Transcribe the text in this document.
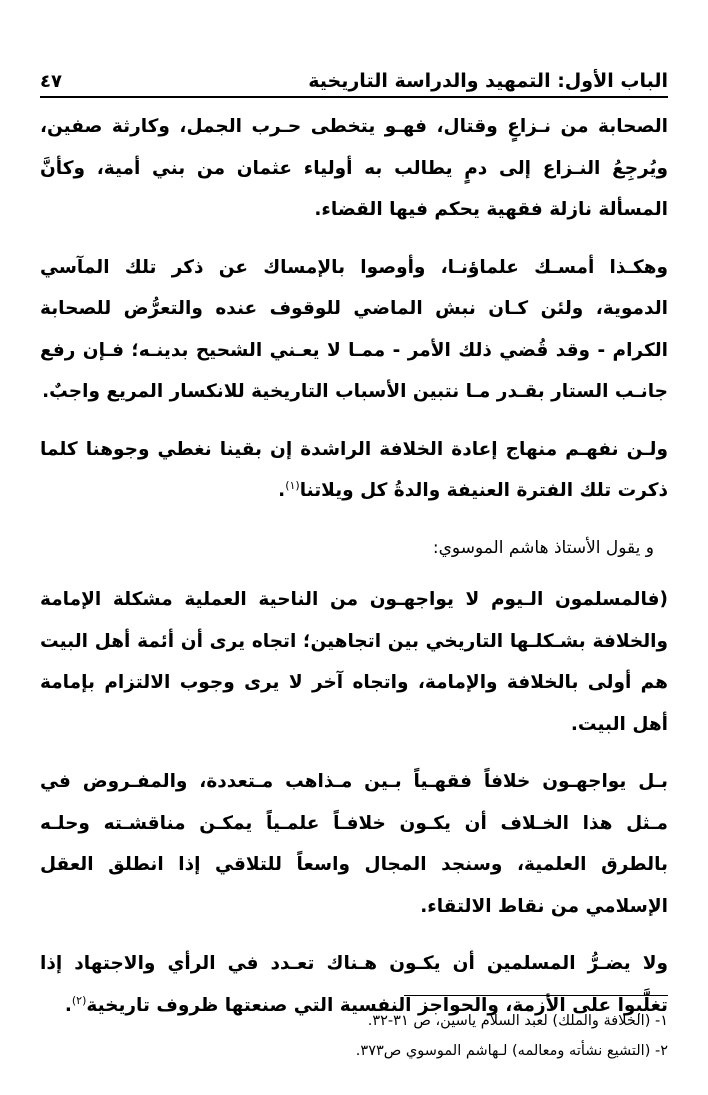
الباب الأول: التمهيد والدراسة التاريخية
٤٧

الصحابة من نـزاعٍ وقتال، فهـو يتخطى حـرب الجمل، وكارثة صفين، ويُرجِعُ النـزاع إلى دمٍ يطالب به أولياء عثمان من بني أمية، وكأنَّ المسألة نازلة فقهية يحكم فيها القضاء.

وهكـذا أمسـك علماؤنـا، وأوصوا بالإمساك عن ذكر تلك المآسي الدموية، ولئن كـان نبش الماضي للوقوف عنده والتعرُّض للصحابة الكرام - وقد قُضي ذلك الأمر - ممـا لا يعـني الشحيح بدينـه؛ فـإن رفع جانـب الستار بقـدر مـا نتبين الأسباب التاريخية للانكسار المريع واجبٌ.

ولـن نفهـم منهاج إعادة الخلافة الراشدة إن بقينا نغطي وجوهنا كلما ذكرت تلك الفترة العنيفة والدةُ كل ويلاتنا$^{(١)}$.

و يقول الأستاذ هاشم الموسوي:

(فالمسلمون الـيوم لا يواجهـون من الناحية العملية مشكلة الإمامة والخلافة بشـكلـها التاريخي بين اتجاهين؛ اتجاه يرى أن أئمة أهل البيت هم أولى بالخلافة والإمامة، واتجاه آخر لا يرى وجوب الالتزام بإمامة أهل البيت.

بـل يواجهـون خلافاً فقهـياً بـين مـذاهب مـتعددة، والمفـروض في مـثل هذا الخـلاف أن يكـون خلافـاً علمـياً يمكـن مناقشـته وحلـه بالطرق العلمية، وسنجد المجال واسعاً للتلاقي إذا انطلق العقل الإسلامي من نقاط الالتقاء.

ولا يضـرُّ المسلمين أن يكـون هـناك تعـدد في الرأي والاجتهاد إذا تغلَّبوا على الأزمة، والحواجز النفسية التي صنعتها ظروف تاريخية$^{(٢)}$.

١- (الخلافة والملك) لعبد السلام ياسين، ص ٣١-٣٢.

٢- (التشيع نشأته ومعالمه) لـهاشم الموسوي ص٣٧٣.
